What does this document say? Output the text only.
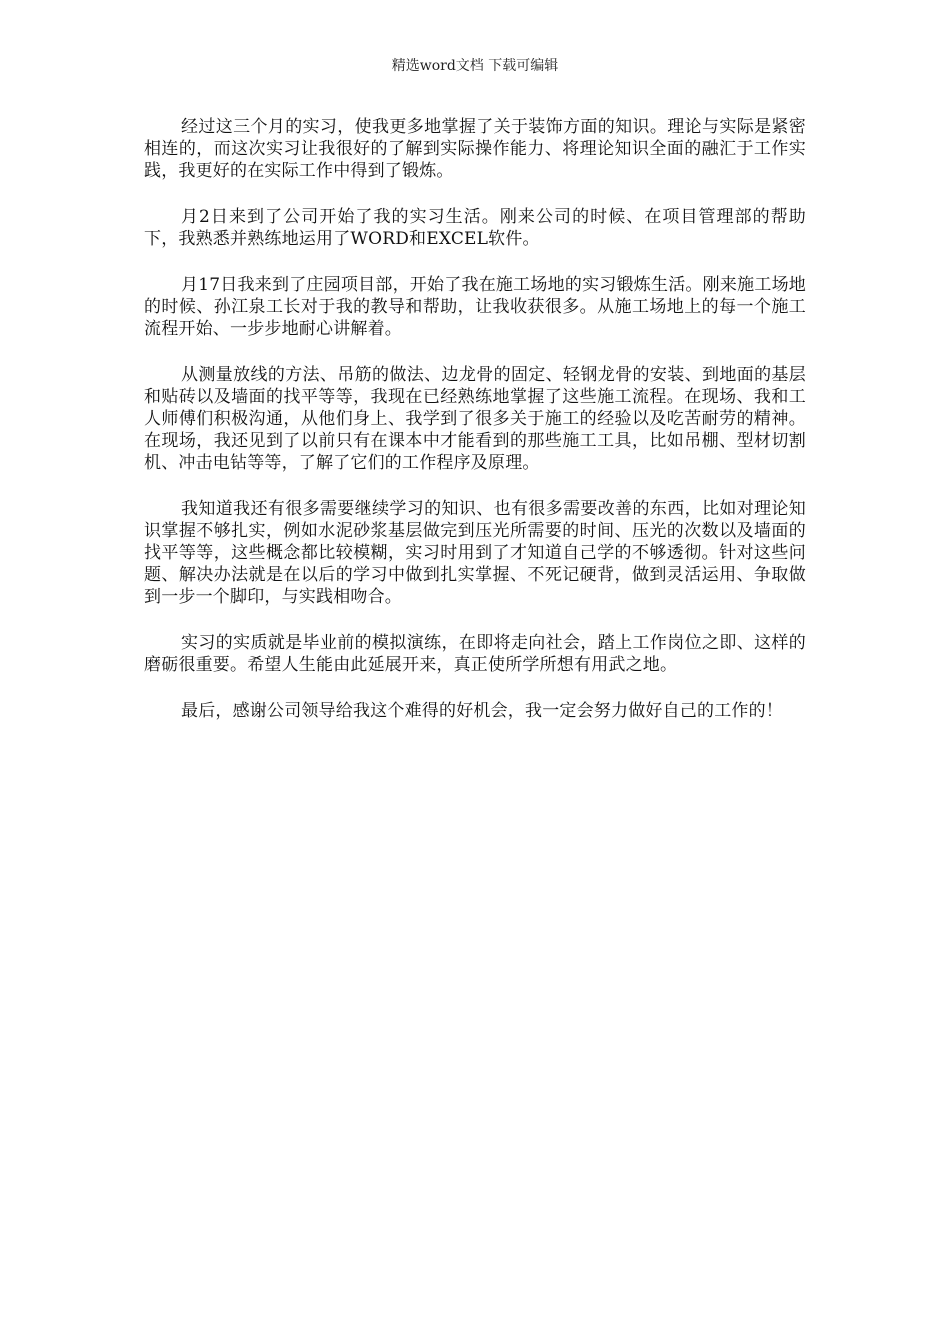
精选word文档 下载可编辑

经过这三个月的实习，使我更多地掌握了关于装饰方面的知识。理论与实际是紧密相连的，而这次实习让我很好的了解到实际操作能力、将理论知识全面的融汇于工作实践，我更好的在实际工作中得到了锻炼。

月2日来到了公司开始了我的实习生活。刚来公司的时候、在项目管理部的帮助下，我熟悉并熟练地运用了WORD和EXCEL软件。

月17日我来到了庄园项目部，开始了我在施工场地的实习锻炼生活。刚来施工场地的时候、孙江泉工长对于我的教导和帮助，让我收获很多。从施工场地上的每一个施工流程开始、一步步地耐心讲解着。

从测量放线的方法、吊筋的做法、边龙骨的固定、轻钢龙骨的安装、到地面的基层和贴砖以及墙面的找平等等，我现在已经熟练地掌握了这些施工流程。在现场、我和工人师傅们积极沟通，从他们身上、我学到了很多关于施工的经验以及吃苦耐劳的精神。在现场，我还见到了以前只有在课本中才能看到的那些施工工具，比如吊棚、型材切割机、冲击电钻等等，了解了它们的工作程序及原理。

我知道我还有很多需要继续学习的知识、也有很多需要改善的东西，比如对理论知识掌握不够扎实，例如水泥砂浆基层做完到压光所需要的时间、压光的次数以及墙面的找平等等，这些概念都比较模糊，实习时用到了才知道自己学的不够透彻。针对这些问题、解决办法就是在以后的学习中做到扎实掌握、不死记硬背，做到灵活运用、争取做到一步一个脚印，与实践相吻合。

实习的实质就是毕业前的模拟演练，在即将走向社会，踏上工作岗位之即、这样的磨砺很重要。希望人生能由此延展开来，真正使所学所想有用武之地。

最后，感谢公司领导给我这个难得的好机会，我一定会努力做好自己的工作的！
